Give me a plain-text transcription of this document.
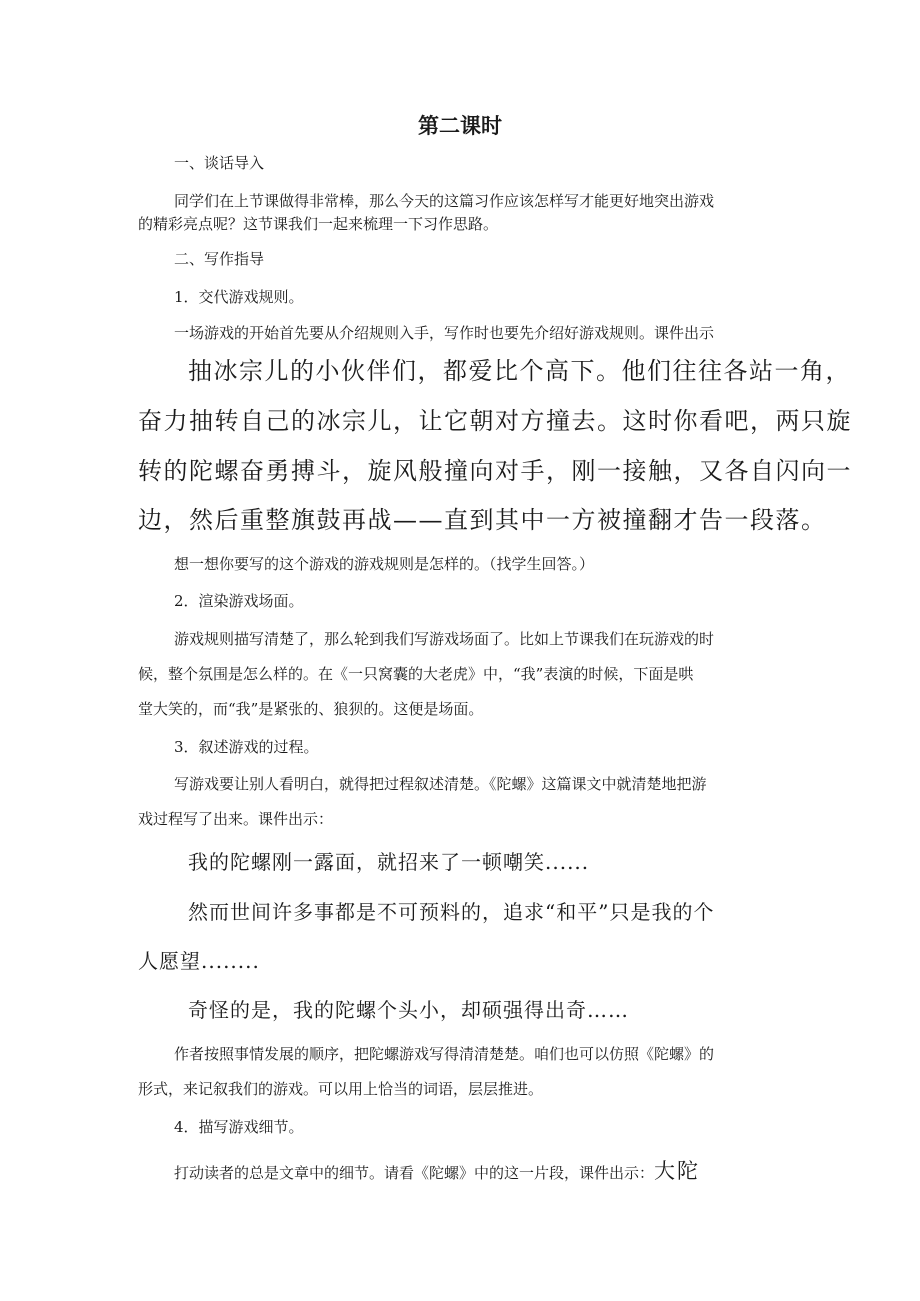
第二课时

一、谈话导入

同学们在上节课做得非常棒，那么今天的这篇习作应该怎样写才能更好地突出游戏

的精彩亮点呢？这节课我们一起来梳理一下习作思路。

二、写作指导

1．交代游戏规则。

一场游戏的开始首先要从介绍规则入手，写作时也要先介绍好游戏规则。课件出示

抽冰宗儿的小伙伴们，都爱比个高下。他们往往各站一角，

奋力抽转自己的冰宗儿，让它朝对方撞去。这时你看吧，两只旋

转的陀螺奋勇搏斗，旋风般撞向对手，刚一接触，又各自闪向一

边，然后重整旗鼓再战——直到其中一方被撞翻才告一段落。

想一想你要写的这个游戏的游戏规则是怎样的。（找学生回答。）

2．渲染游戏场面。

游戏规则描写清楚了，那么轮到我们写游戏场面了。比如上节课我们在玩游戏的时

候，整个氛围是怎么样的。在《一只窝囊的大老虎》中，“我”表演的时候，下面是哄

堂大笑的，而“我”是紧张的、狼狈的。这便是场面。

3．叙述游戏的过程。

写游戏要让别人看明白，就得把过程叙述清楚。《陀螺》这篇课文中就清楚地把游

戏过程写了出来。课件出示：

我的陀螺刚一露面，就招来了一顿嘲笑......

然而世间许多事都是不可预料的，追求“和平”只是我的个

人愿望........

奇怪的是，我的陀螺个头小，却硕强得出奇……

作者按照事情发展的顺序，把陀螺游戏写得清清楚楚。咱们也可以仿照《陀螺》的

形式，来记叙我们的游戏。可以用上恰当的词语，层层推进。

4．描写游戏细节。

打动读者的总是文章中的细节。请看《陀螺》中的这一片段，课件出示：大陀
